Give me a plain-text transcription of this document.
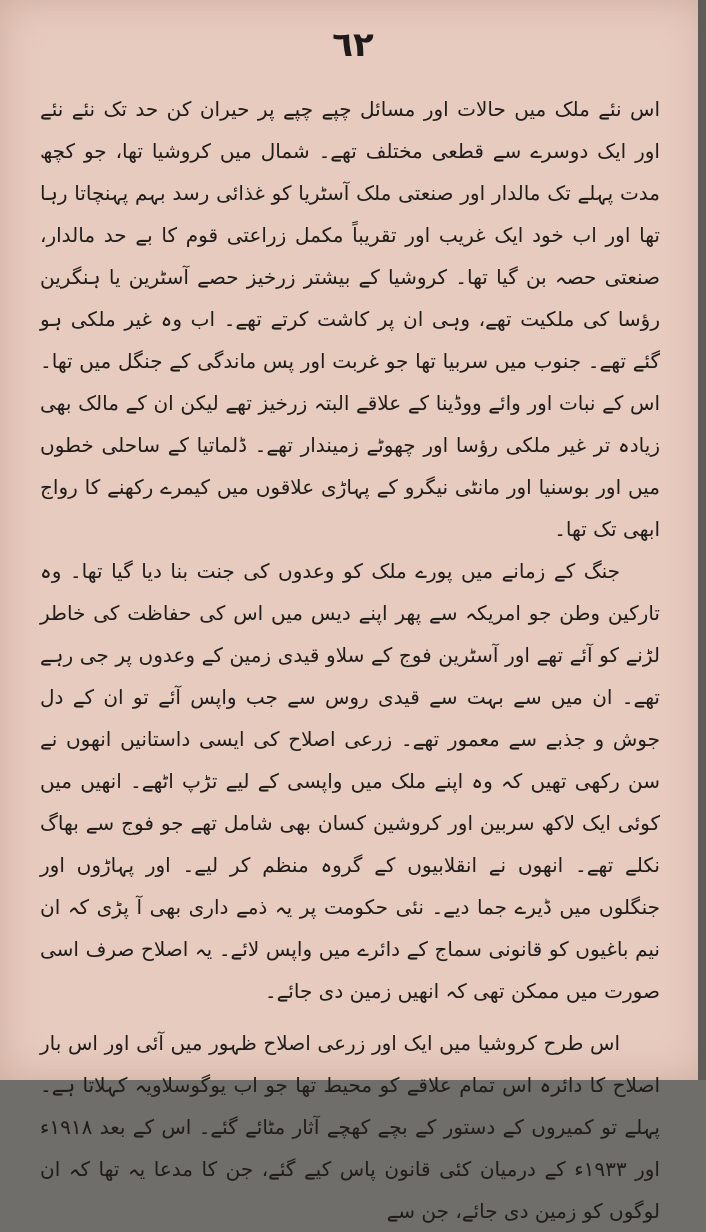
٦٢

اس نئے ملک میں حالات اور مسائل چپے چپے پر حیران کن حد تک نئے نئے اور ایک دوسرے سے قطعی مختلف تھے۔ شمال میں کروشیا تھا، جو کچھ مدت پہلے تک مالدار اور صنعتی ملک آسٹریا کو غذائی رسد بہم پہنچاتا رہا تھا اور اب خود ایک غریب اور تقریباً مکمل زراعتی قوم کا بے حد مالدار، صنعتی حصہ بن گیا تھا۔ کروشیا کے بیشتر زرخیز حصے آسٹرین یا ہنگرین رؤسا کی ملکیت تھے، وہی ان پر کاشت کرتے تھے۔ اب وہ غیر ملکی ہو گئے تھے۔ جنوب میں سربیا تھا جو غربت اور پس ماندگی کے جنگل میں تھا۔ اس کے نبات اور وائے ووڈینا کے علاقے البتہ زرخیز تھے لیکن ان کے مالک بھی زیادہ تر غیر ملکی رؤسا اور چھوٹے زمیندار تھے۔ ڈلماتیا کے ساحلی خطوں میں اور بوسنیا اور مانٹی نیگرو کے پہاڑی علاقوں میں کیمرے رکھنے کا رواج ابھی تک تھا۔

جنگ کے زمانے میں پورے ملک کو وعدوں کی جنت بنا دیا گیا تھا۔ وہ تارکین وطن جو امریکہ سے پھر اپنے دیس میں اس کی حفاظت کی خاطر لڑنے کو آئے تھے اور آسٹرین فوج کے سلاو قیدی زمین کے وعدوں پر جی رہے تھے۔ ان میں سے بہت سے قیدی روس سے جب واپس آئے تو ان کے دل جوش و جذبے سے معمور تھے۔ زرعی اصلاح کی ایسی داستانیں انھوں نے سن رکھی تھیں کہ وہ اپنے ملک میں واپسی کے لیے تڑپ اٹھے۔ انھیں میں کوئی ایک لاکھ سربین اور کروشین کسان بھی شامل تھے جو فوج سے بھاگ نکلے تھے۔ انھوں نے انقلابیوں کے گروہ منظم کر لیے۔ اور پہاڑوں اور جنگلوں میں ڈیرے جما دیے۔ نئی حکومت پر یہ ذمے داری بھی آ پڑی کہ ان نیم باغیوں کو قانونی سماج کے دائرے میں واپس لائے۔ یہ اصلاح صرف اسی صورت میں ممکن تھی کہ انھیں زمین دی جائے۔

اس طرح کروشیا میں ایک اور زرعی اصلاح ظہور میں آئی اور اس بار اصلاح کا دائرہ اس تمام علاقے کو محیط تھا جو اب یوگوسلاویہ کہلاتا ہے۔ پہلے تو کمیروں کے دستور کے بچے کھچے آثار مٹائے گئے۔ اس کے بعد ۱۹۱۸ء اور ۱۹۳۳ء کے درمیان کئی قانون پاس کیے گئے، جن کا مدعا یہ تھا کہ ان لوگوں کو زمین دی جائے، جن سے
